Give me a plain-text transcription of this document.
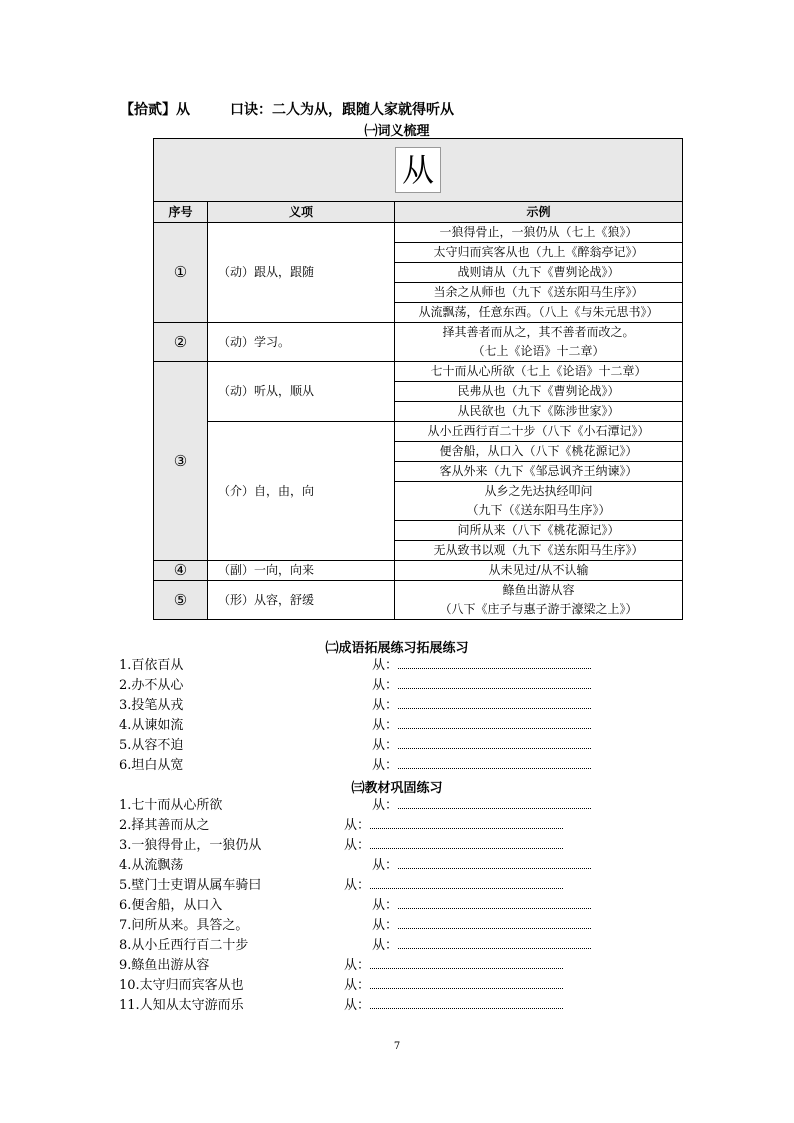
【拾贰】从	口诀：二人为从，跟随人家就得听从
㈠词义梳理
从		
序号	义项	示例
①	（动）跟从，跟随	一狼得骨止，一狼仍从（七上《狼》）
		太守归而宾客从也（九上《醉翁亭记》）
		战则请从（九下《曹刿论战》）
		当余之从师也（九下《送东阳马生序》）
		从流飘荡，任意东西。（八上《与朱元思书》）
②	（动）学习。	择其善者而从之，其不善者而改之。
（七上《论语》十二章）
③	（动）听从，顺从	七十而从心所欲（七上《论语》十二章）
		民弗从也（九下《曹刿论战》）
		从民欲也（九下《陈涉世家》）
	（介）自，由，向	从小丘西行百二十步（八下《小石潭记》）
		便舍船，从口入（八下《桃花源记》）
		客从外来（九下《邹忌讽齐王纳谏》）
		从乡之先达执经叩问
（九下（《送东阳马生序》）
		问所从来（八下《桃花源记》）
		无从致书以观（九下《送东阳马生序》）
④	（副）一向，向来	从未见过/从不认输
⑤	（形）从容，舒缓	鲦鱼出游从容
（八下《庄子与惠子游于濠梁之上》）
㈡成语拓展练习拓展练习
1.百依百从	从：
2.办不从心	从：
3.投笔从戎	从：
4.从谏如流	从：
5.从容不迫	从：
6.坦白从宽	从：
㈢教材巩固练习
1.七十而从心所欲	从：
2.择其善而从之	从：
3.一狼得骨止，一狼仍从	从：
4.从流飘荡	从：
5.壁门士吏谓从属车骑曰	从：
6.便舍船，从口入	从：
7.问所从来。具答之。	从：
8.从小丘西行百二十步	从：
9.鲦鱼出游从容	从：
10.太守归而宾客从也	从：
11.人知从太守游而乐	从：
7
